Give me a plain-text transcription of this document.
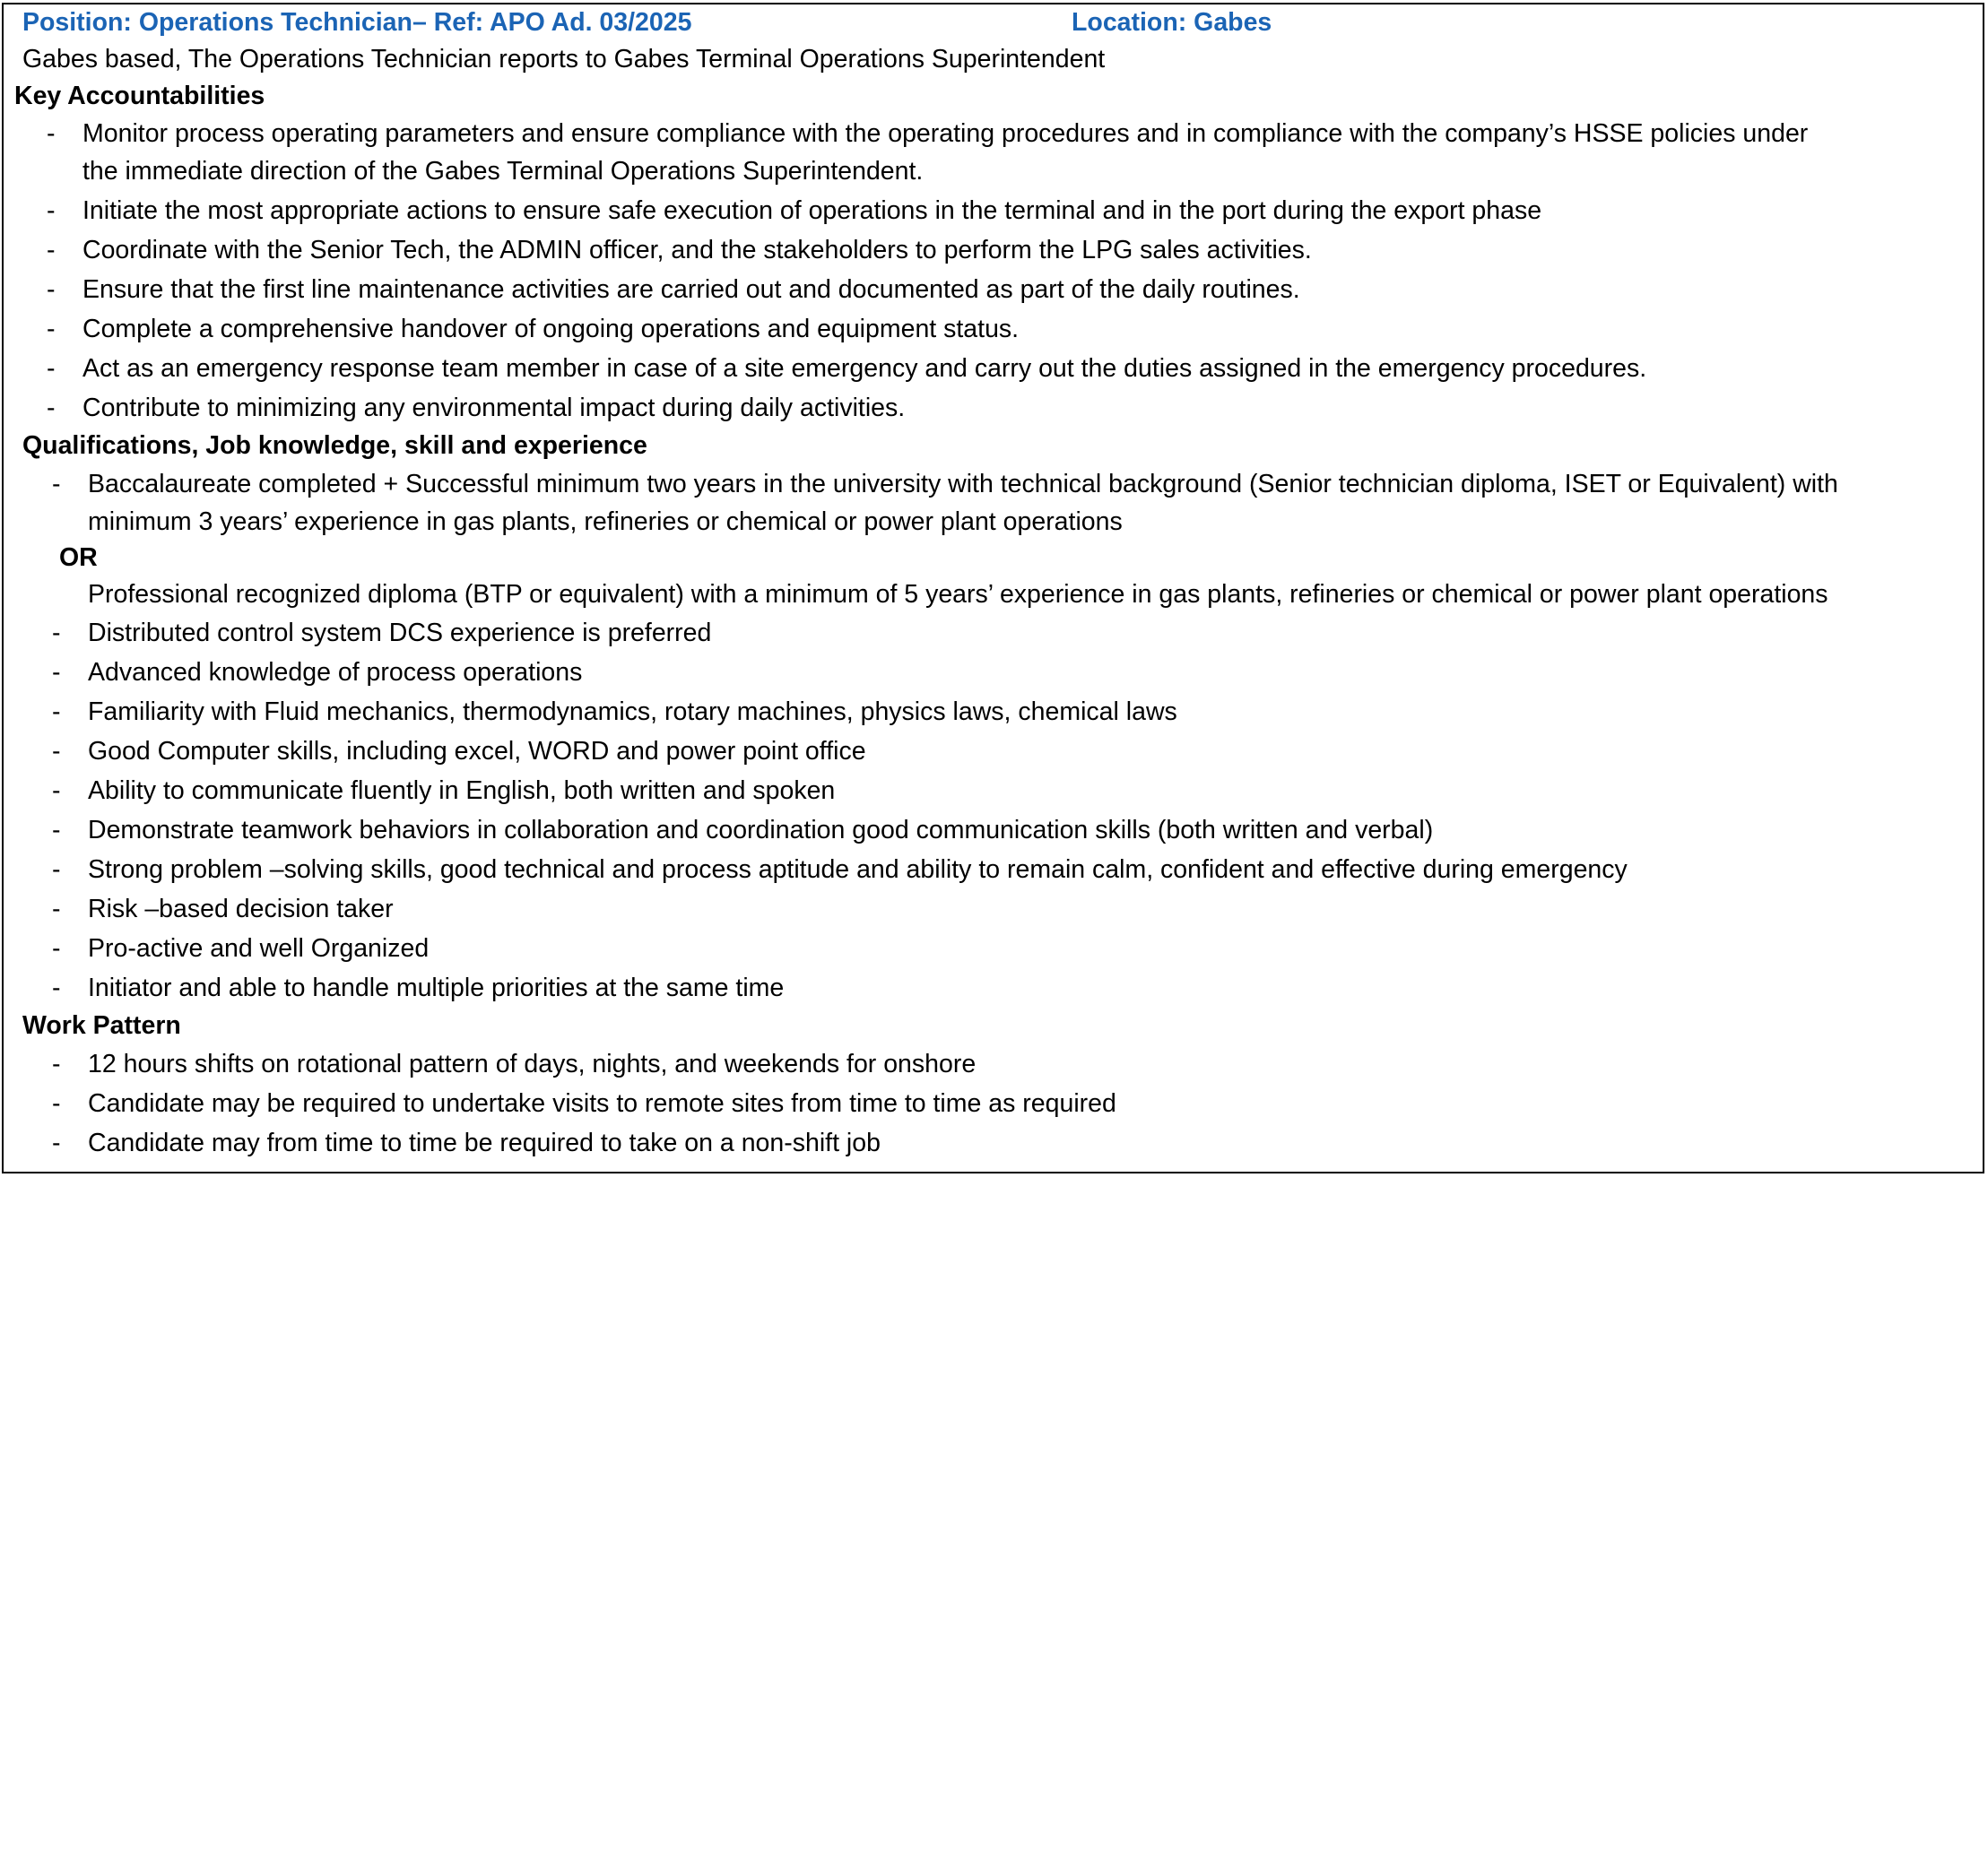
Position: Operations Technician– Ref: APO Ad. 03/2025	Location: Gabes
Gabes based, The Operations Technician reports to Gabes Terminal Operations Superintendent
Key Accountabilities
- Monitor process operating parameters and ensure compliance with the operating procedures and in compliance with the company’s HSSE policies under
the immediate direction of the Gabes Terminal Operations Superintendent.
- Initiate the most appropriate actions to ensure safe execution of operations in the terminal and in the port during the export phase
- Coordinate with the Senior Tech, the ADMIN officer, and the stakeholders to perform the LPG sales activities.
- Ensure that the first line maintenance activities are carried out and documented as part of the daily routines.
- Complete a comprehensive handover of ongoing operations and equipment status.
- Act as an emergency response team member in case of a site emergency and carry out the duties assigned in the emergency procedures.
- Contribute to minimizing any environmental impact during daily activities.
Qualifications, Job knowledge, skill and experience
- Baccalaureate completed + Successful minimum two years in the university with technical background (Senior technician diploma, ISET or Equivalent) with
minimum 3 years’ experience in gas plants, refineries or chemical or power plant operations
OR
Professional recognized diploma (BTP or equivalent) with a minimum of 5 years’ experience in gas plants, refineries or chemical or power plant operations
- Distributed control system DCS experience is preferred
- Advanced knowledge of process operations
- Familiarity with Fluid mechanics, thermodynamics, rotary machines, physics laws, chemical laws
- Good Computer skills, including excel, WORD and power point office
- Ability to communicate fluently in English, both written and spoken
- Demonstrate teamwork behaviors in collaboration and coordination good communication skills (both written and verbal)
- Strong problem –solving skills, good technical and process aptitude and ability to remain calm, confident and effective during emergency
- Risk –based decision taker
- Pro-active and well Organized
- Initiator and able to handle multiple priorities at the same time
Work Pattern
- 12 hours shifts on rotational pattern of days, nights, and weekends for onshore
- Candidate may be required to undertake visits to remote sites from time to time as required
- Candidate may from time to time be required to take on a non-shift job
